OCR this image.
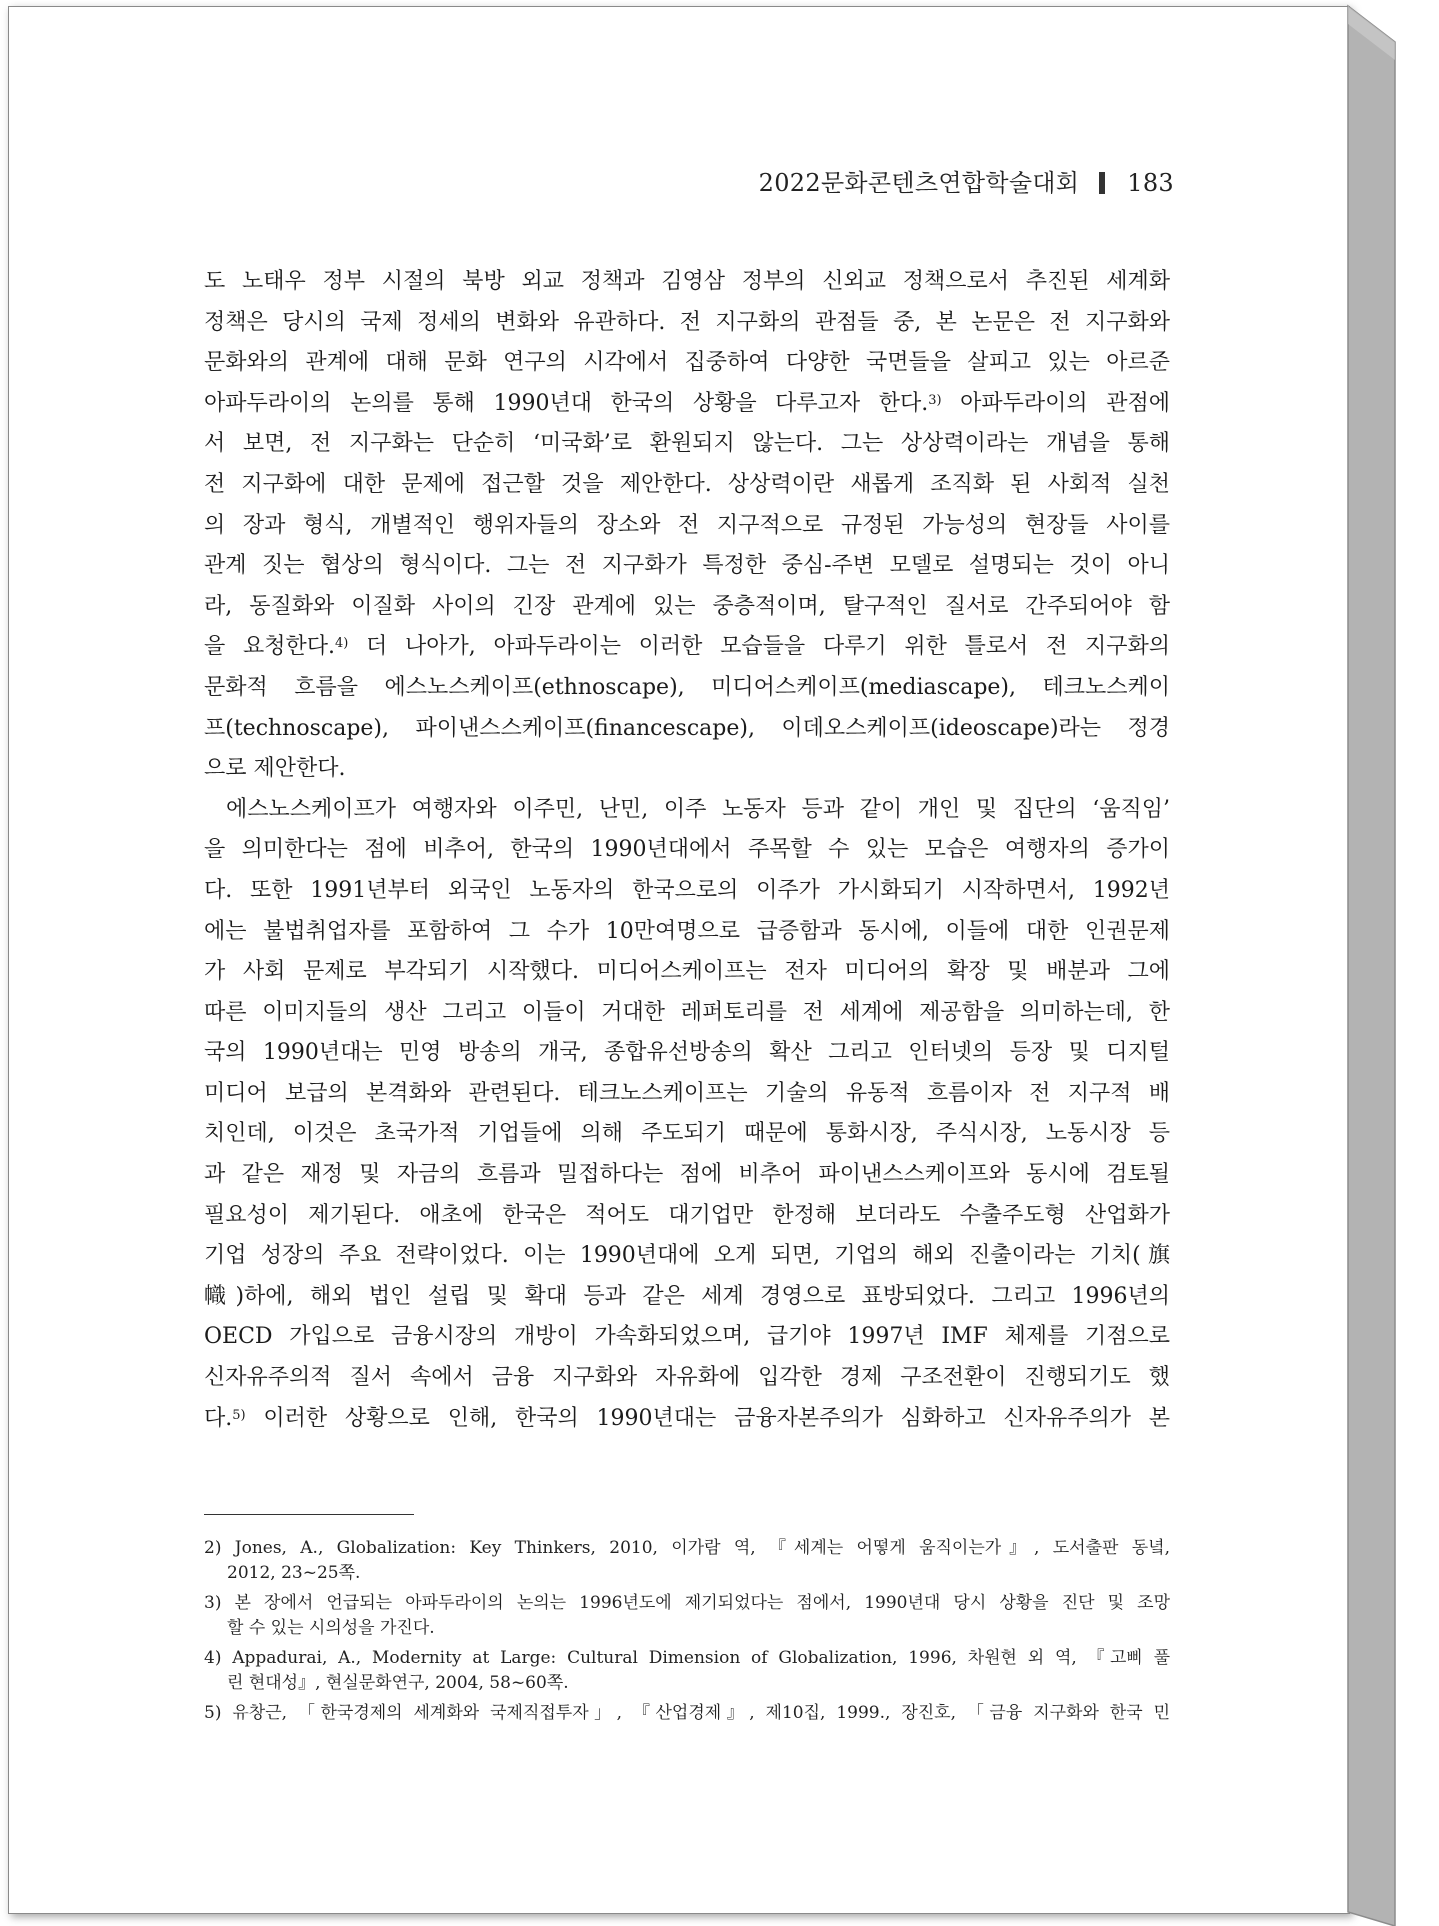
2022문화콘텐츠연합학술대회 183

도 노태우 정부 시절의 북방 외교 정책과 김영삼 정부의 신외교 정책으로서 추진된 세계화

정책은 당시의 국제 정세의 변화와 유관하다. 전 지구화의 관점들 중, 본 논문은 전 지구화와

문화와의 관계에 대해 문화 연구의 시각에서 집중하여 다양한 국면들을 살피고 있는 아르준

아파두라이의 논의를 통해 1990년대 한국의 상황을 다루고자 한다.$^{3)}$ 아파두라이의 관점에

서 보면, 전 지구화는 단순히 ‘미국화’로 환원되지 않는다. 그는 상상력이라는 개념을 통해

전 지구화에 대한 문제에 접근할 것을 제안한다. 상상력이란 새롭게 조직화 된 사회적 실천

의 장과 형식, 개별적인 행위자들의 장소와 전 지구적으로 규정된 가능성의 현장들 사이를

관계 짓는 협상의 형식이다. 그는 전 지구화가 특정한 중심-주변 모델로 설명되는 것이 아니

라, 동질화와 이질화 사이의 긴장 관계에 있는 중층적이며, 탈구적인 질서로 간주되어야 함

을 요청한다.$^{4)}$ 더 나아가, 아파두라이는 이러한 모습들을 다루기 위한 틀로서 전 지구화의

문화적 흐름을 에스노스케이프(ethnoscape), 미디어스케이프(mediascape), 테크노스케이

프(technoscape), 파이낸스스케이프(financescape), 이데오스케이프(ideoscape)라는 정경

으로 제안한다.

에스노스케이프가 여행자와 이주민, 난민, 이주 노동자 등과 같이 개인 및 집단의 ‘움직임’

을 의미한다는 점에 비추어, 한국의 1990년대에서 주목할 수 있는 모습은 여행자의 증가이

다. 또한 1991년부터 외국인 노동자의 한국으로의 이주가 가시화되기 시작하면서, 1992년

에는 불법취업자를 포함하여 그 수가 10만여명으로 급증함과 동시에, 이들에 대한 인권문제

가 사회 문제로 부각되기 시작했다. 미디어스케이프는 전자 미디어의 확장 및 배분과 그에

따른 이미지들의 생산 그리고 이들이 거대한 레퍼토리를 전 세계에 제공함을 의미하는데, 한

국의 1990년대는 민영 방송의 개국, 종합유선방송의 확산 그리고 인터넷의 등장 및 디지털

미디어 보급의 본격화와 관련된다. 테크노스케이프는 기술의 유동적 흐름이자 전 지구적 배

치인데, 이것은 초국가적 기업들에 의해 주도되기 때문에 통화시장, 주식시장, 노동시장 등

과 같은 재정 및 자금의 흐름과 밀접하다는 점에 비추어 파이낸스스케이프와 동시에 검토될

필요성이 제기된다. 애초에 한국은 적어도 대기업만 한정해 보더라도 수출주도형 산업화가

기업 성장의 주요 전략이었다. 이는 1990년대에 오게 되면, 기업의 해외 진출이라는 기치(旗

幟)하에, 해외 법인 설립 및 확대 등과 같은 세계 경영으로 표방되었다. 그리고 1996년의

OECD 가입으로 금융시장의 개방이 가속화되었으며, 급기야 1997년 IMF 체제를 기점으로

신자유주의적 질서 속에서 금융 지구화와 자유화에 입각한 경제 구조전환이 진행되기도 했

다.$^{5)}$ 이러한 상황으로 인해, 한국의 1990년대는 금융자본주의가 심화하고 신자유주의가 본

2) Jones, A., Globalization: Key Thinkers, 2010, 이가람 역, 『세계는 어떻게 움직이는가』, 도서출판 동녘,
2012, 23~25쪽.
3) 본 장에서 언급되는 아파두라이의 논의는 1996년도에 제기되었다는 점에서, 1990년대 당시 상황을 진단 및 조망
할 수 있는 시의성을 가진다.
4) Appadurai, A., Modernity at Large: Cultural Dimension of Globalization, 1996, 차원현 외 역, 『고삐 풀
린 현대성』, 현실문화연구, 2004, 58~60쪽.
5) 유창근, 「한국경제의 세계화와 국제직접투자」, 『산업경제』, 제10집, 1999., 장진호, 「금융 지구화와 한국 민
